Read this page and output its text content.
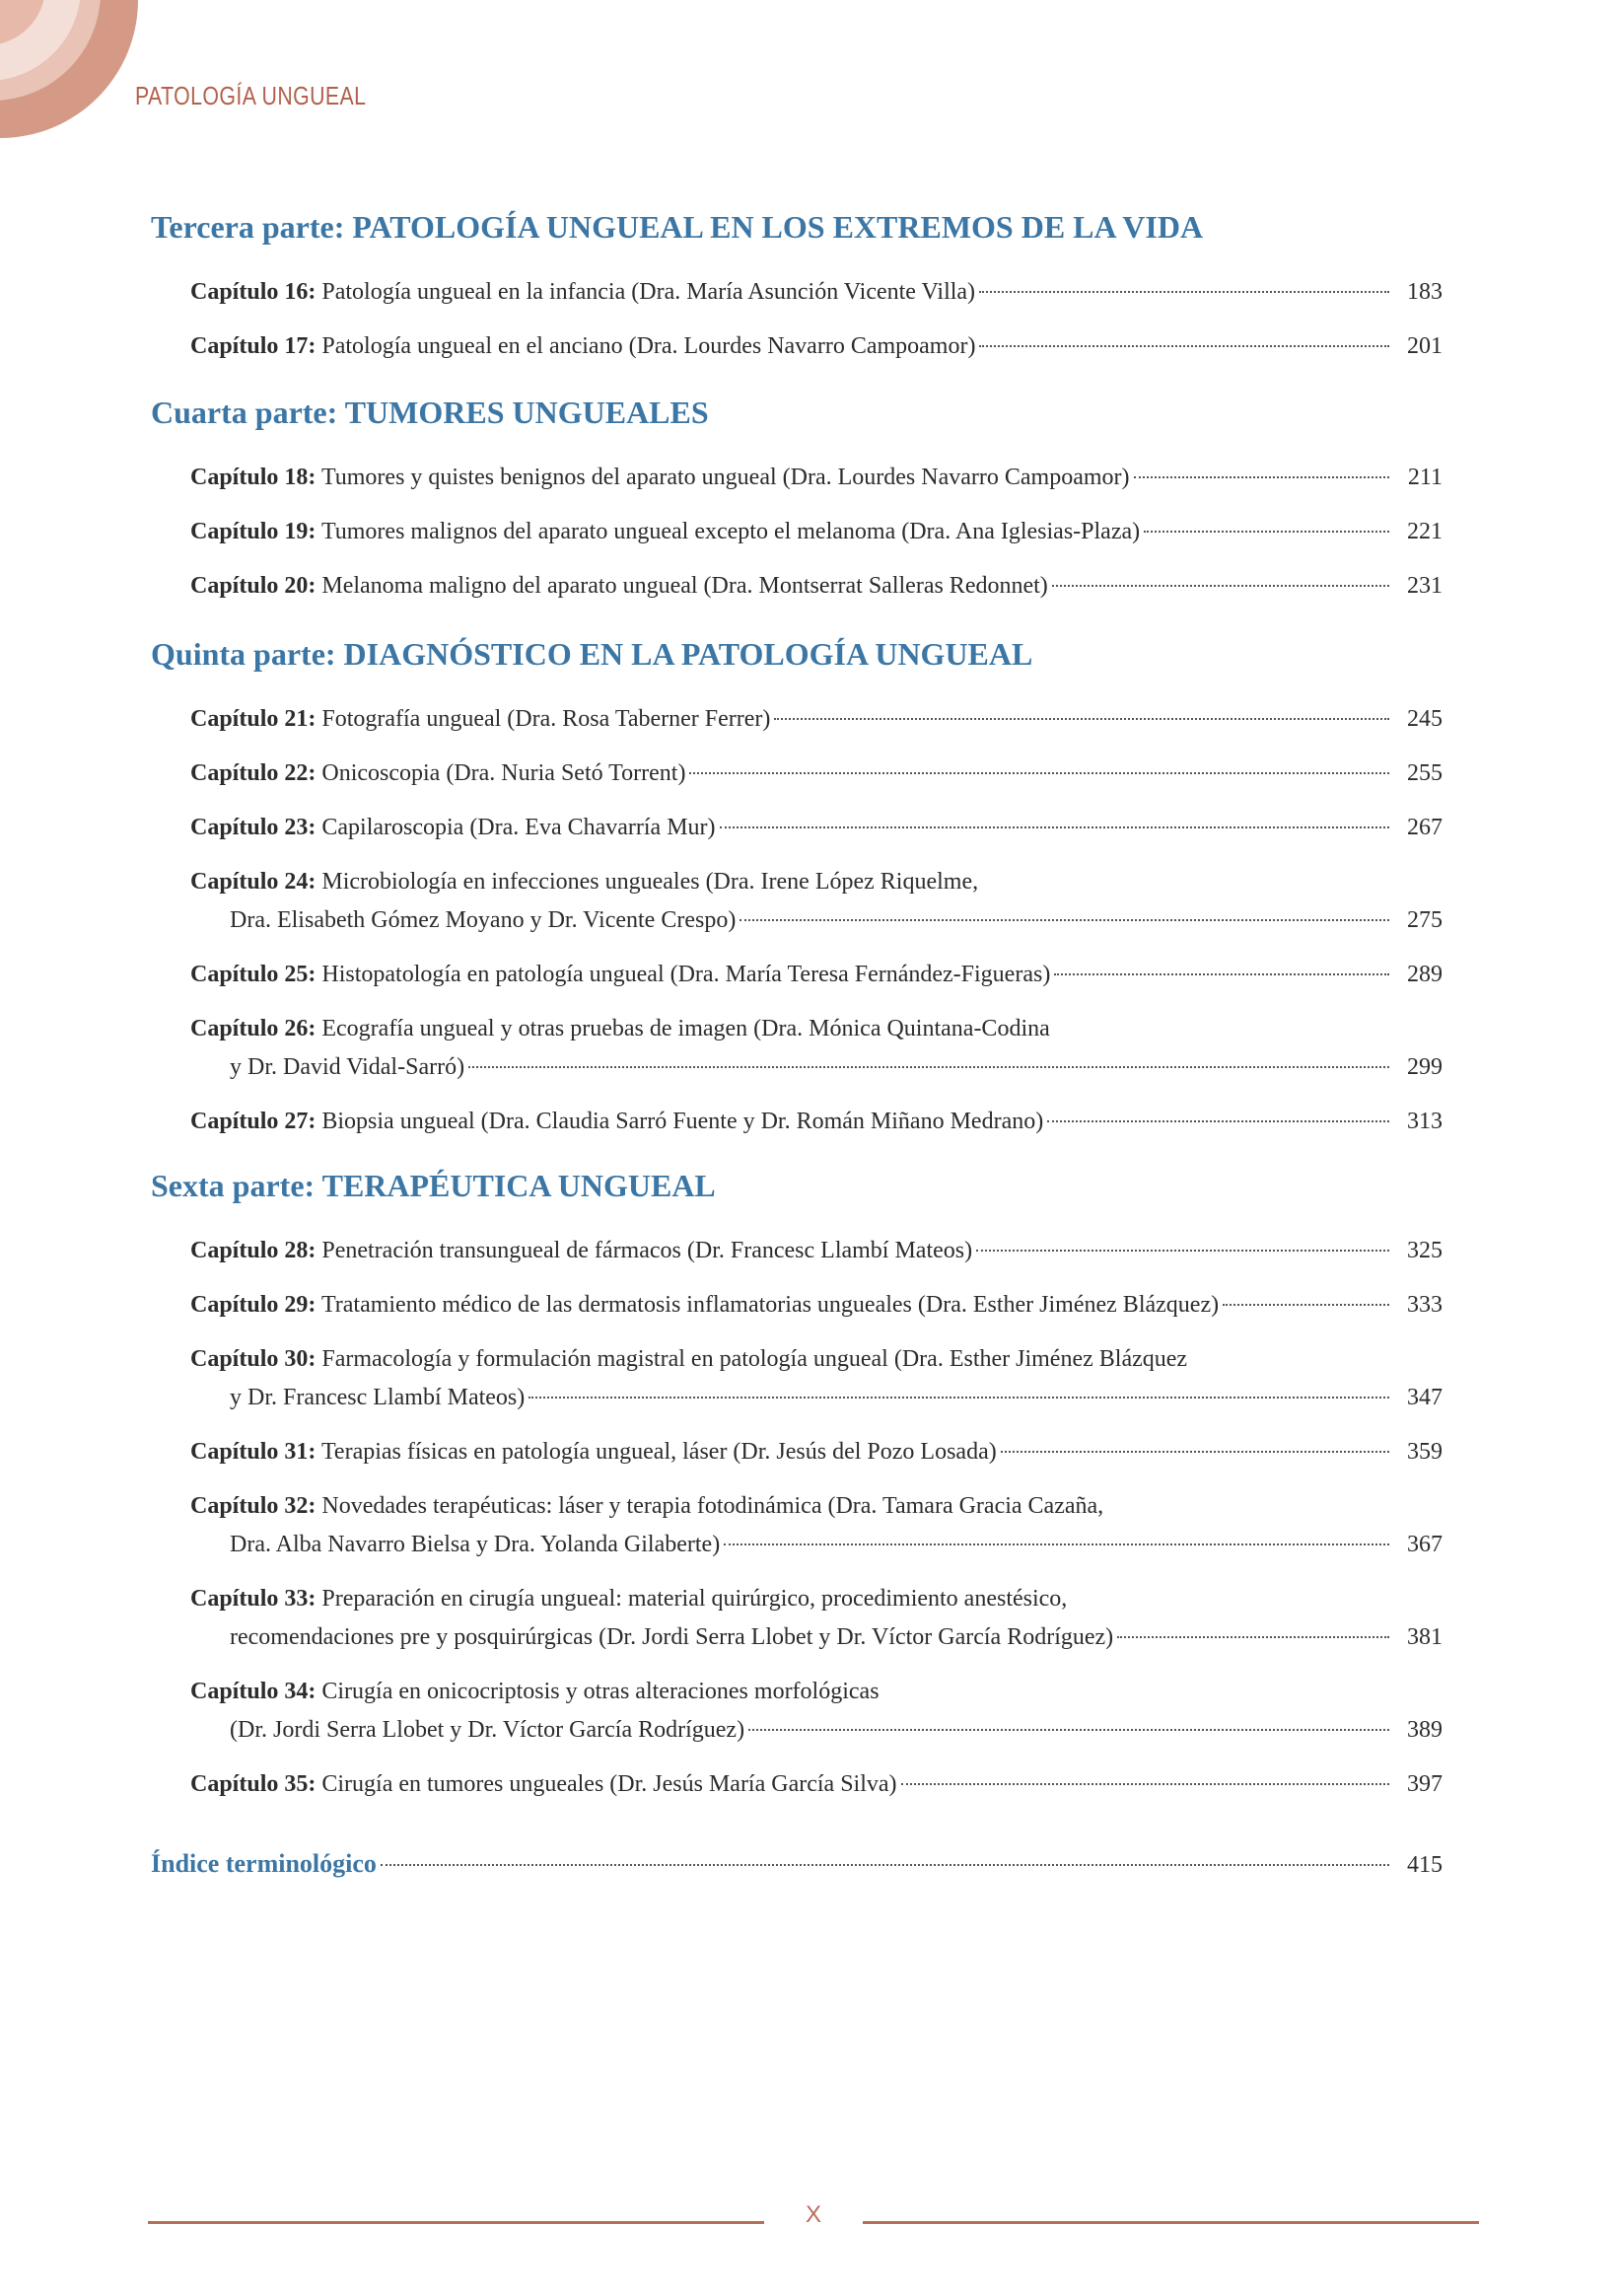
PATOLOGÍA UNGUEAL
Tercera parte: PATOLOGÍA UNGUEAL EN LOS EXTREMOS DE LA VIDA
Capítulo 16: Patología ungueal en la infancia (Dra. María Asunción Vicente Villa)	183
Capítulo 17: Patología ungueal en el anciano (Dra. Lourdes Navarro Campoamor)	201
Cuarta parte: TUMORES UNGUEALES
Capítulo 18: Tumores y quistes benignos del aparato ungueal (Dra. Lourdes Navarro Campoamor)	211
Capítulo 19: Tumores malignos del aparato ungueal excepto el melanoma (Dra. Ana Iglesias-Plaza)	221
Capítulo 20: Melanoma maligno del aparato ungueal (Dra. Montserrat Salleras Redonnet)	231
Quinta parte: DIAGNÓSTICO EN LA PATOLOGÍA UNGUEAL
Capítulo 21: Fotografía ungueal (Dra. Rosa Taberner Ferrer)	245
Capítulo 22: Onicoscopia (Dra. Nuria Setó Torrent)	255
Capítulo 23: Capilaroscopia (Dra. Eva Chavarría Mur)	267
Capítulo 24: Microbiología en infecciones ungueales (Dra. Irene López Riquelme,
Dra. Elisabeth Gómez Moyano y Dr. Vicente Crespo)	275
Capítulo 25: Histopatología en patología ungueal (Dra. María Teresa Fernández-Figueras)	289
Capítulo 26: Ecografía ungueal y otras pruebas de imagen (Dra. Mónica Quintana-Codina
y Dr. David Vidal-Sarró)	299
Capítulo 27: Biopsia ungueal (Dra. Claudia Sarró Fuente y Dr. Román Miñano Medrano)	313
Sexta parte: TERAPÉUTICA UNGUEAL
Capítulo 28: Penetración transungueal de fármacos (Dr. Francesc Llambí Mateos)	325
Capítulo 29: Tratamiento médico de las dermatosis inflamatorias ungueales (Dra. Esther Jiménez Blázquez)	333
Capítulo 30: Farmacología y formulación magistral en patología ungueal (Dra. Esther Jiménez Blázquez
y Dr. Francesc Llambí Mateos)	347
Capítulo 31: Terapias físicas en patología ungueal, láser (Dr. Jesús del Pozo Losada)	359
Capítulo 32: Novedades terapéuticas: láser y terapia fotodinámica (Dra. Tamara Gracia Cazaña,
Dra. Alba Navarro Bielsa y Dra. Yolanda Gilaberte)	367
Capítulo 33: Preparación en cirugía ungueal: material quirúrgico, procedimiento anestésico,
recomendaciones pre y posquirúrgicas (Dr. Jordi Serra Llobet y Dr. Víctor García Rodríguez)	381
Capítulo 34: Cirugía en onicocriptosis y otras alteraciones morfológicas
(Dr. Jordi Serra Llobet y Dr. Víctor García Rodríguez)	389
Capítulo 35: Cirugía en tumores ungueales (Dr. Jesús María García Silva)	397
Índice terminológico	415
X
